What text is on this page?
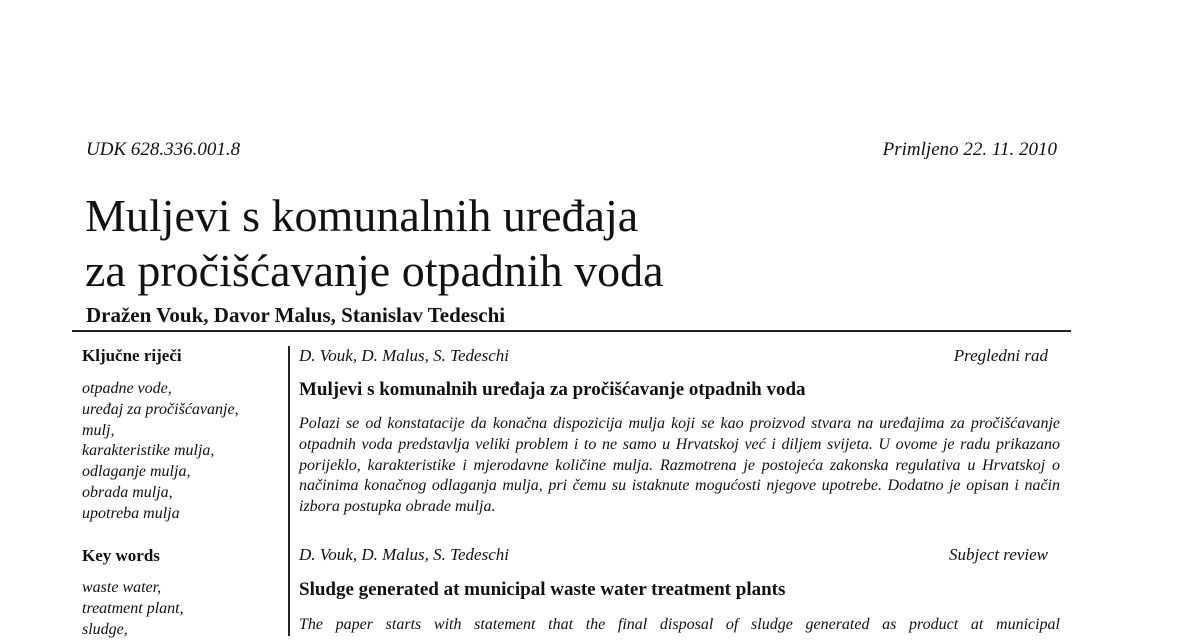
UDK 628.336.001.8	Primljeno 22. 11. 2010
Muljevi s komunalnih uređaja
za pročišćavanje otpadnih voda
Dražen Vouk, Davor Malus, Stanislav Tedeschi
Ključne riječi
otpadne vode,
uređaj za pročišćavanje,
mulj,
karakteristike mulja,
odlaganje mulja,
obrada mulja,
upotreba mulja
Key words
waste water,
treatment plant,
sludge,
D. Vouk, D. Malus, S. Tedeschi	Pregledni rad
Muljevi s komunalnih uređaja za pročišćavanje otpadnih voda

Polazi se od konstatacije da konačna dispozicija mulja koji se kao proizvod stvara na uređajima za pročišćavanje otpadnih voda predstavlja veliki problem i to ne samo u Hrvatskoj već i diljem svijeta. U ovome je radu prikazano porijeklo, karakteristike i mjerodavne količine mulja. Razmotrena je postojeća zakonska regulativa u Hrvatskoj o načinima konačnog odlaganja mulja, pri čemu su istaknute mogućosti njegove upotrebe. Dodatno je opisan i način izbora postupka obrade mulja.

D. Vouk, D. Malus, S. Tedeschi	Subject review
Sludge generated at municipal waste water treatment plants

The paper starts with statement that the final disposal of sludge generated as product at municipal
